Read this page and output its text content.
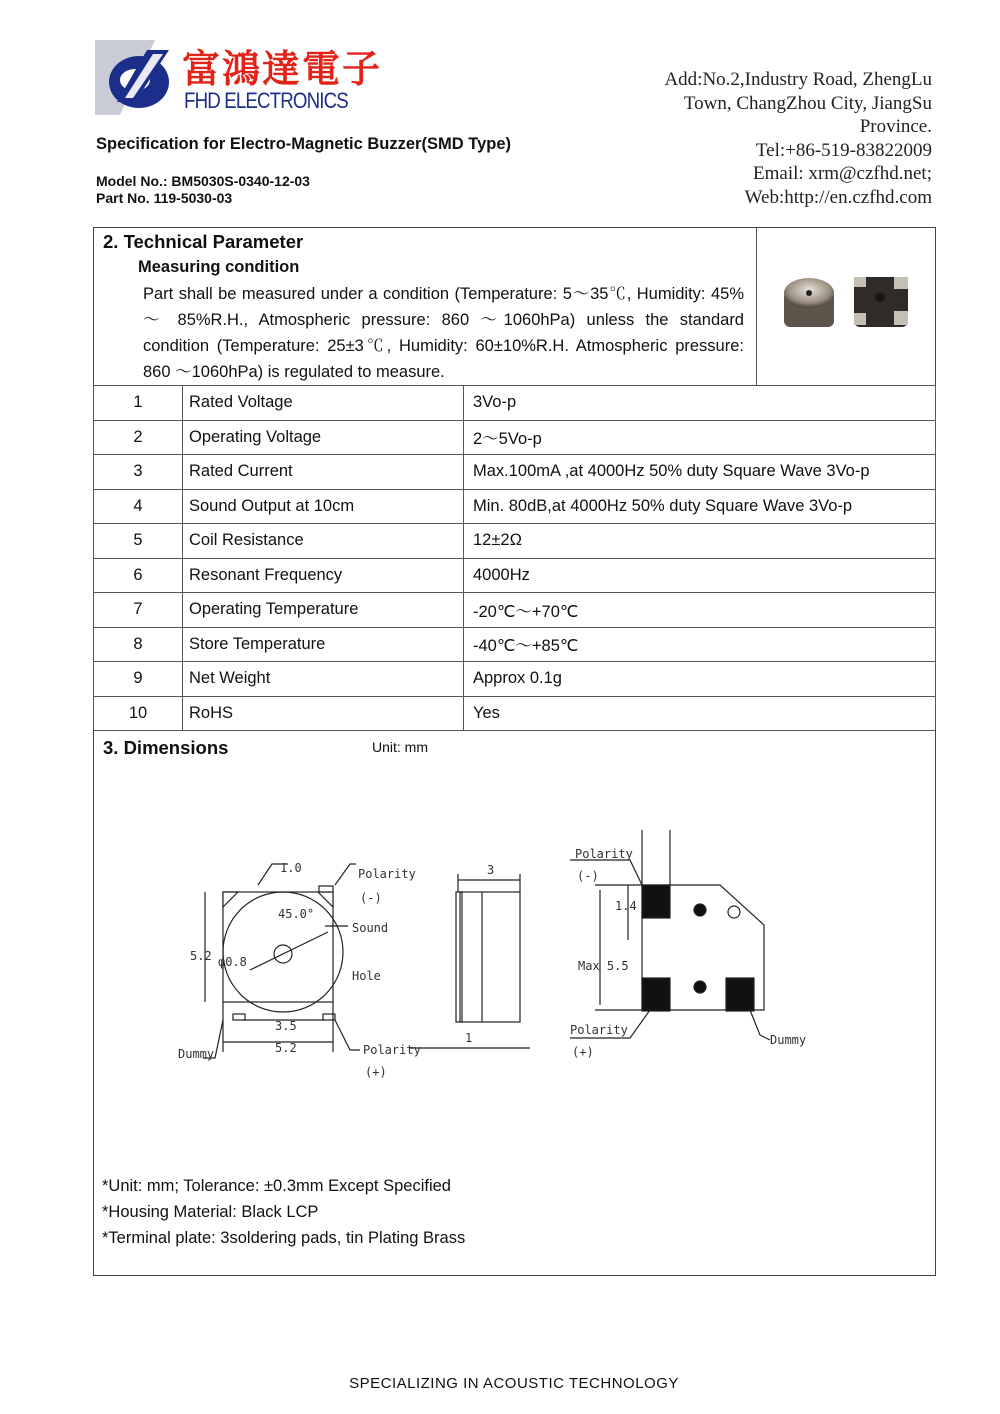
富鴻達電子
FHD ELECTRONICS
Add:No.2,Industry Road, ZhengLu
Town, ChangZhou City, JiangSu
Province.
Tel:+86-519-83822009
Email: xrm@czfhd.net;
Web:http://en.czfhd.com
Specification for Electro-Magnetic Buzzer(SMD Type)
Model No.: BM5030S-0340-12-03
Part No. 119-5030-03
2. Technical Parameter
Measuring condition
Part shall be measured under a condition (Temperature: 5～35℃, Humidity: 45% ～ 85%R.H., Atmospheric pressure: 860 ～1060hPa) unless the standard condition (Temperature: 25±3℃, Humidity: 60±10%R.H. Atmospheric pressure: 860 ～1060hPa) is regulated to measure.
1	Rated Voltage	3Vo-p
2	Operating Voltage	2～5Vo-p
3	Rated Current	Max.100mA ,at 4000Hz 50% duty Square Wave 3Vo-p
4	Sound Output at 10cm	Min. 80dB,at 4000Hz 50% duty Square Wave 3Vo-p
5	Coil Resistance	12±2Ω
6	Resonant Frequency	4000Hz
7	Operating Temperature	-20℃～+70℃
8	Store Temperature	-40℃～+85℃
9	Net Weight	Approx 0.1g
10	RoHS	Yes
3. Dimensions	Unit: mm
1.0	Polarity
(-)
45.0°
Sound
Hole
φ0.8
5.2
3.5
5.2
Dummy	Polarity
(+)
3
1
Polarity
(-)
1.4
Max 5.5
Polarity
(+)
Dummy
*Unit: mm; Tolerance: ±0.3mm Except Specified
*Housing Material: Black LCP
*Terminal plate: 3soldering pads, tin Plating Brass
SPECIALIZING IN ACOUSTIC TECHNOLOGY
